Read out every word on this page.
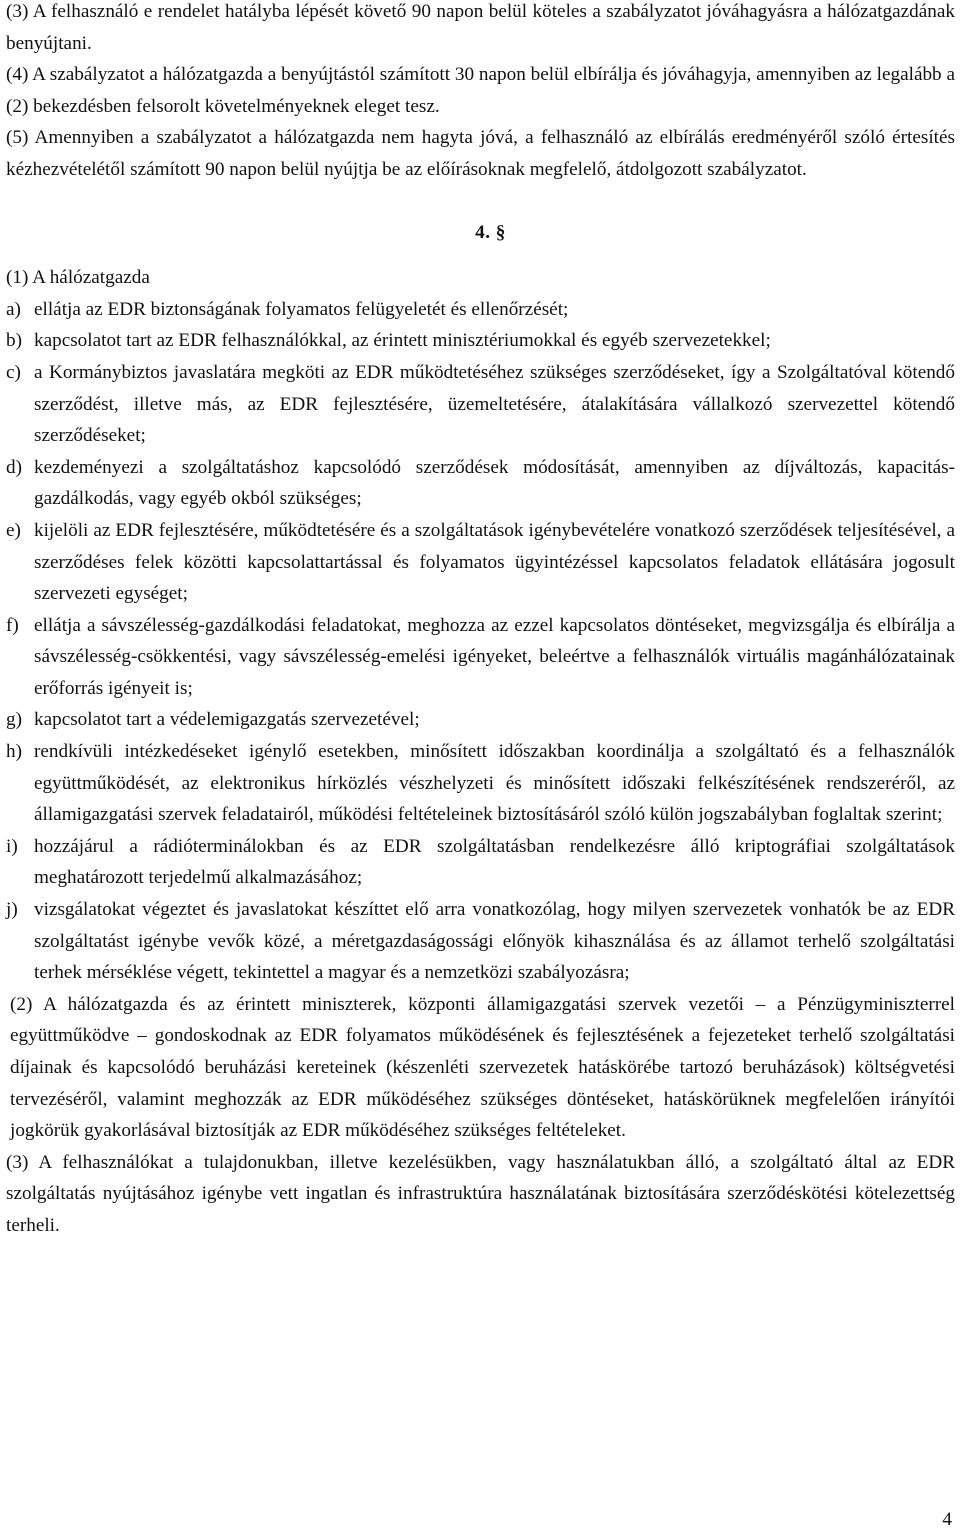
(3) A felhasználó e rendelet hatályba lépését követő 90 napon belül köteles a szabályzatot jóváhagyásra a hálózatgazdának benyújtani.

(4) A szabályzatot a hálózatgazda a benyújtástól számított 30 napon belül elbírálja és jóváhagyja, amennyiben az legalább a (2) bekezdésben felsorolt követelményeknek eleget tesz.

(5) Amennyiben a szabályzatot a hálózatgazda nem hagyta jóvá, a felhasználó az elbírálás eredményéről szóló értesítés kézhezvételétől számított 90 napon belül nyújtja be az előírásoknak megfelelő, átdolgozott szabályzatot.

4. §

(1) A hálózatgazda

a) ellátja az EDR biztonságának folyamatos felügyeletét és ellenőrzését;
b) kapcsolatot tart az EDR felhasználókkal, az érintett minisztériumokkal és egyéb szervezetekkel;
c) a Kormánybiztos javaslatára megköti az EDR működtetéséhez szükséges szerződéseket, így a Szolgáltatóval kötendő szerződést, illetve más, az EDR fejlesztésére, üzemeltetésére, átalakítására vállalkozó szervezettel kötendő szerződéseket;
d) kezdeményezi a szolgáltatáshoz kapcsolódó szerződések módosítását, amennyiben az díjváltozás, kapacitás-gazdálkodás, vagy egyéb okból szükséges;
e) kijelöli az EDR fejlesztésére, működtetésére és a szolgáltatások igénybevételére vonatkozó szerződések teljesítésével, a szerződéses felek közötti kapcsolattartással és folyamatos ügyintézéssel kapcsolatos feladatok ellátására jogosult szervezeti egységet;
f) ellátja a sávszélesség-gazdálkodási feladatokat, meghozza az ezzel kapcsolatos döntéseket, megvizsgálja és elbírálja a sávszélesség-csökkentési, vagy sávszélesség-emelési igényeket, beleértve a felhasználók virtuális magánhálózatainak erőforrás igényeit is;
g) kapcsolatot tart a védelemigazgatás szervezetével;
h) rendkívüli intézkedéseket igénylő esetekben, minősített időszakban koordinálja a szolgáltató és a felhasználók együttműködését, az elektronikus hírközlés vészhelyzeti és minősített időszaki felkészítésének rendszeréről, az államigazgatási szervek feladatairól, működési feltételeinek biztosításáról szóló külön jogszabályban foglaltak szerint;
i) hozzájárul a rádióterminálokban és az EDR szolgáltatásban rendelkezésre álló kriptográfiai szolgáltatások meghatározott terjedelmű alkalmazásához;
j) vizsgálatokat végeztet és javaslatokat készíttet elő arra vonatkozólag, hogy milyen szervezetek vonhatók be az EDR szolgáltatást igénybe vevők közé, a méretgazdaságossági előnyök kihasználása és az államot terhelő szolgáltatási terhek mérséklése végett, tekintettel a magyar és a nemzetközi szabályozásra;

(2) A hálózatgazda és az érintett miniszterek, központi államigazgatási szervek vezetői – a Pénzügyminiszterrel együttműködve – gondoskodnak az EDR folyamatos működésének és fejlesztésének a fejezeteket terhelő szolgáltatási díjainak és kapcsolódó beruházási kereteinek (készenléti szervezetek hatáskörébe tartozó beruházások) költségvetési tervezéséről, valamint meghozzák az EDR működéséhez szükséges döntéseket, hatáskörüknek megfelelően irányítói jogkörük gyakorlásával biztosítják az EDR működéséhez szükséges feltételeket.

(3) A felhasználókat a tulajdonukban, illetve kezelésükben, vagy használatukban álló, a szolgáltató által az EDR szolgáltatás nyújtásához igénybe vett ingatlan és infrastruktúra használatának biztosítására szerződéskötési kötelezettség terheli.

4
